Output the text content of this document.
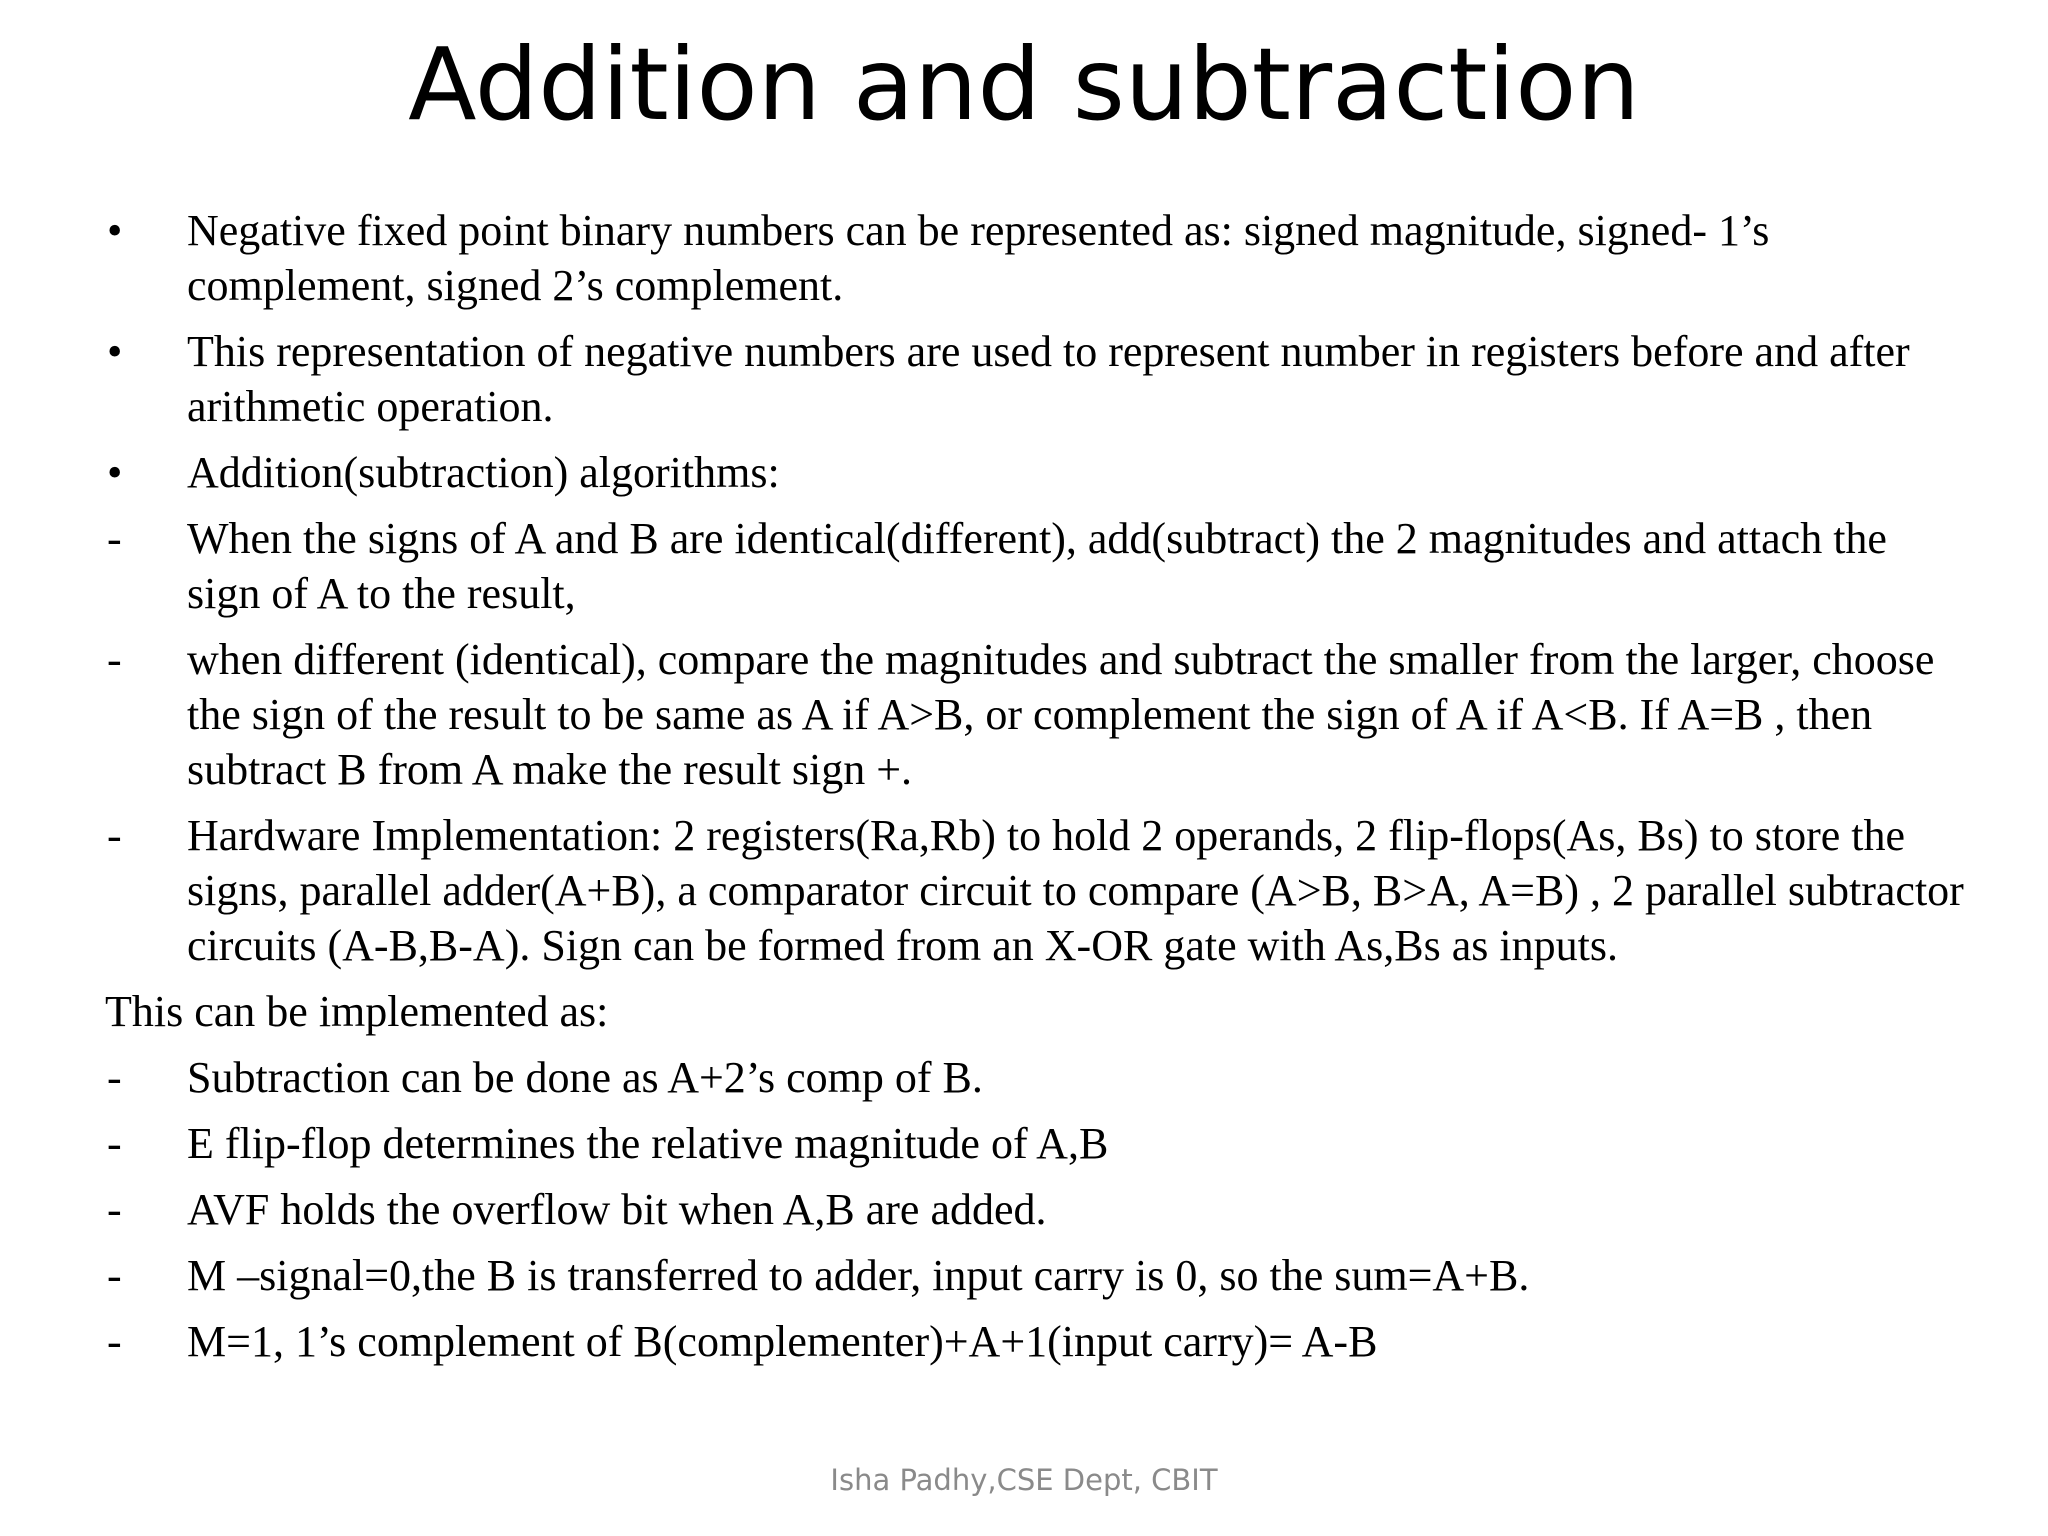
Addition and subtraction
•	Negative fixed point binary numbers can be represented as: signed magnitude, signed- 1’s complement, signed 2’s complement.
•	This representation of negative numbers are used to represent number in registers before and after arithmetic operation.
•	Addition(subtraction) algorithms:
-	When the signs of A and B are identical(different), add(subtract) the 2 magnitudes and attach the sign of A to the result,
-	when different (identical), compare the magnitudes and subtract the smaller from the larger, choose the sign of the result to be same as A if A>B, or complement the sign of A if A<B. If A=B , then subtract B from A make the result sign +.
-	Hardware Implementation: 2 registers(Ra,Rb) to hold 2 operands, 2 flip-flops(As, Bs) to store the signs, parallel adder(A+B), a comparator circuit to compare (A>B, B>A, A=B) , 2 parallel subtractor circuits (A-B,B-A). Sign can be formed from an X-OR gate with As,Bs as inputs.
This can be implemented as:
-	Subtraction can be done as A+2’s comp of B.
-	E flip-flop determines the relative magnitude of A,B
-	AVF holds the overflow bit when A,B are added.
-	M –signal=0,the B is transferred to adder, input carry is 0, so the sum=A+B.
-	M=1, 1’s complement of B(complementer)+A+1(input carry)= A-B
Isha Padhy,CSE Dept, CBIT
